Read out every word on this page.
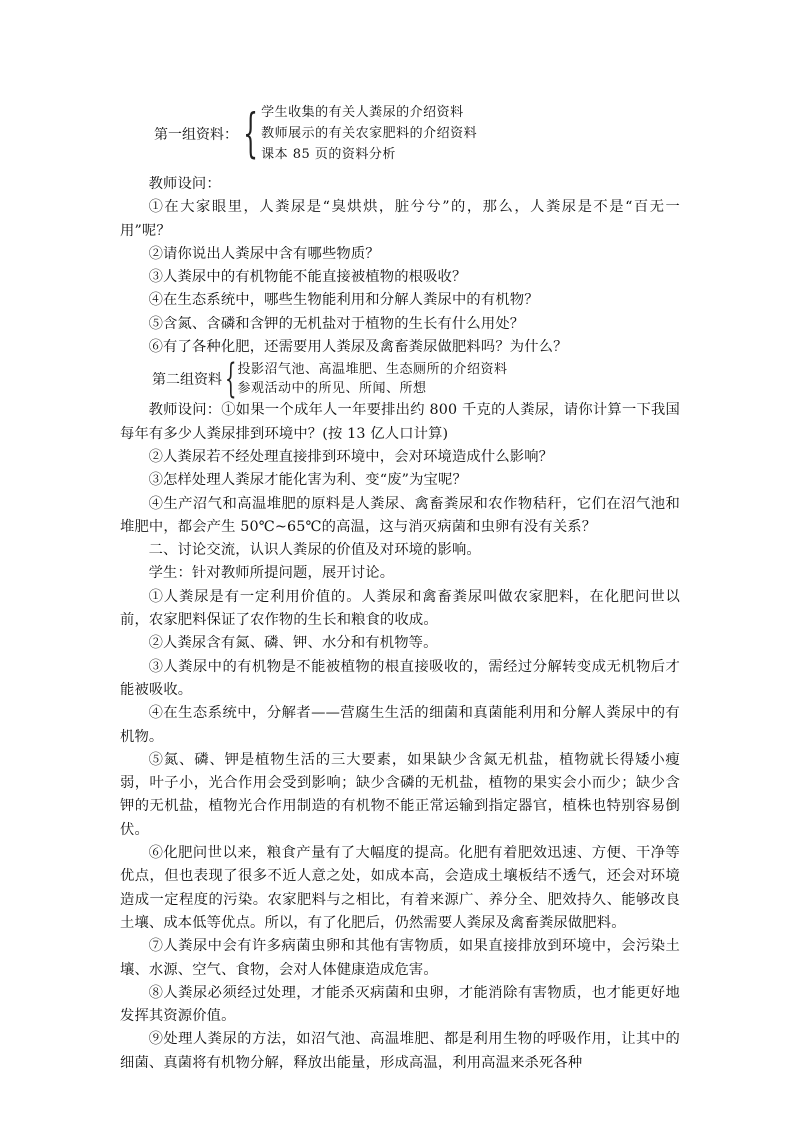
第一组资料： { 学生收集的有关人粪尿的介绍资料
教师展示的有关农家肥料的介绍资料
课本 85 页的资料分析

教师设问：

①在大家眼里，人粪尿是“臭烘烘，脏兮兮”的，那么，人粪尿是不是“百无一用”呢？

②请你说出人粪尿中含有哪些物质？

③人粪尿中的有机物能不能直接被植物的根吸收？

④在生态系统中，哪些生物能利用和分解人粪尿中的有机物？

⑤含氮、含磷和含钾的无机盐对于植物的生长有什么用处？

⑥有了各种化肥，还需要用人粪尿及禽畜粪尿做肥料吗？为什么？

第二组资料 { 投影沼气池、高温堆肥、生态厕所的介绍资料
参观活动中的所见、所闻、所想

教师设问：①如果一个成年人一年要排出约 800 千克的人粪尿，请你计算一下我国每年有多少人粪尿排到环境中？(按 13 亿人口计算)

②人粪尿若不经处理直接排到环境中，会对环境造成什么影响？

③怎样处理人粪尿才能化害为利、变“废”为宝呢？

④生产沼气和高温堆肥的原料是人粪尿、禽畜粪尿和农作物秸秆，它们在沼气池和堆肥中，都会产生 50℃~65℃的高温，这与消灭病菌和虫卵有没有关系？

二、讨论交流，认识人粪尿的价值及对环境的影响。

学生：针对教师所提问题，展开讨论。

①人粪尿是有一定利用价值的。人粪尿和禽畜粪尿叫做农家肥料，在化肥问世以前，农家肥料保证了农作物的生长和粮食的收成。

②人粪尿含有氮、磷、钾、水分和有机物等。

③人粪尿中的有机物是不能被植物的根直接吸收的，需经过分解转变成无机物后才能被吸收。

④在生态系统中，分解者——营腐生生活的细菌和真菌能利用和分解人粪尿中的有机物。

⑤氮、磷、钾是植物生活的三大要素，如果缺少含氮无机盐，植物就长得矮小瘦弱，叶子小，光合作用会受到影响；缺少含磷的无机盐，植物的果实会小而少；缺少含钾的无机盐，植物光合作用制造的有机物不能正常运输到指定器官，植株也特别容易倒伏。

⑥化肥问世以来，粮食产量有了大幅度的提高。化肥有着肥效迅速、方便、干净等优点，但也表现了很多不近人意之处，如成本高，会造成土壤板结不透气，还会对环境造成一定程度的污染。农家肥料与之相比，有着来源广、养分全、肥效持久、能够改良土壤、成本低等优点。所以，有了化肥后，仍然需要人粪尿及禽畜粪尿做肥料。

⑦人粪尿中会有许多病菌虫卵和其他有害物质，如果直接排放到环境中，会污染土壤、水源、空气、食物，会对人体健康造成危害。

⑧人粪尿必须经过处理，才能杀灭病菌和虫卵，才能消除有害物质，也才能更好地发挥其资源价值。

⑨处理人粪尿的方法，如沼气池、高温堆肥、都是利用生物的呼吸作用，让其中的细菌、真菌将有机物分解，释放出能量，形成高温，利用高温来杀死各种
